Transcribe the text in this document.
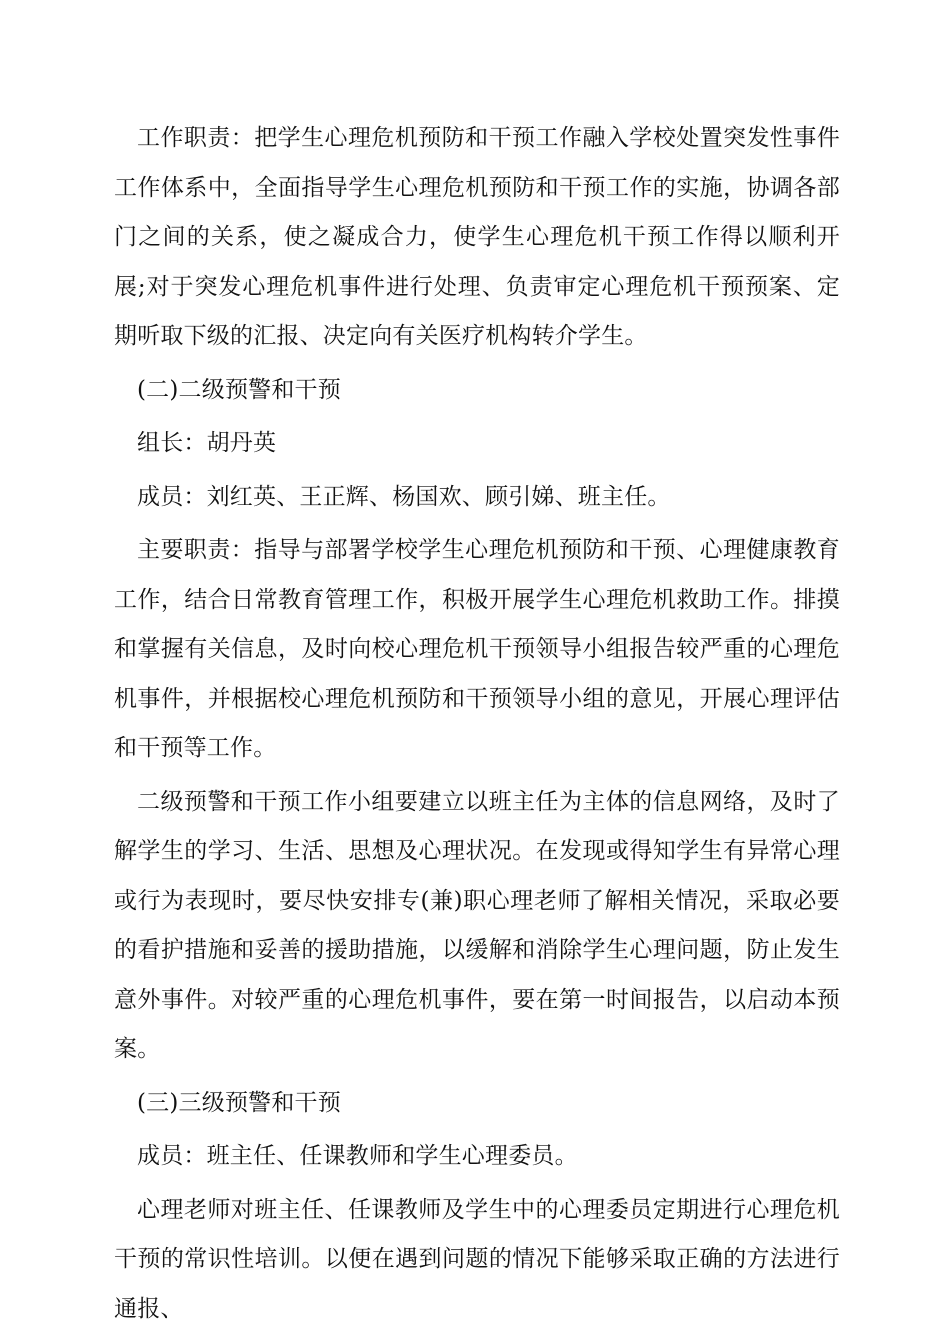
工作职责：把学生心理危机预防和干预工作融入学校处置突发性事件工作体系中，全面指导学生心理危机预防和干预工作的实施，协调各部门之间的关系，使之凝成合力，使学生心理危机干预工作得以顺利开展;对于突发心理危机事件进行处理、负责审定心理危机干预预案、定期听取下级的汇报、决定向有关医疗机构转介学生。

(二)二级预警和干预

组长：胡丹英

成员：刘红英、王正辉、杨国欢、顾引娣、班主任。

主要职责：指导与部署学校学生心理危机预防和干预、心理健康教育工作，结合日常教育管理工作，积极开展学生心理危机救助工作。排摸和掌握有关信息，及时向校心理危机干预领导小组报告较严重的心理危机事件，并根据校心理危机预防和干预领导小组的意见，开展心理评估和干预等工作。

二级预警和干预工作小组要建立以班主任为主体的信息网络，及时了解学生的学习、生活、思想及心理状况。在发现或得知学生有异常心理或行为表现时，要尽快安排专(兼)职心理老师了解相关情况，采取必要的看护措施和妥善的援助措施，以缓解和消除学生心理问题，防止发生意外事件。对较严重的心理危机事件，要在第一时间报告，以启动本预案。

(三)三级预警和干预

成员：班主任、任课教师和学生心理委员。

心理老师对班主任、任课教师及学生中的心理委员定期进行心理危机干预的常识性培训。以便在遇到问题的情况下能够采取正确的方法进行通报、
